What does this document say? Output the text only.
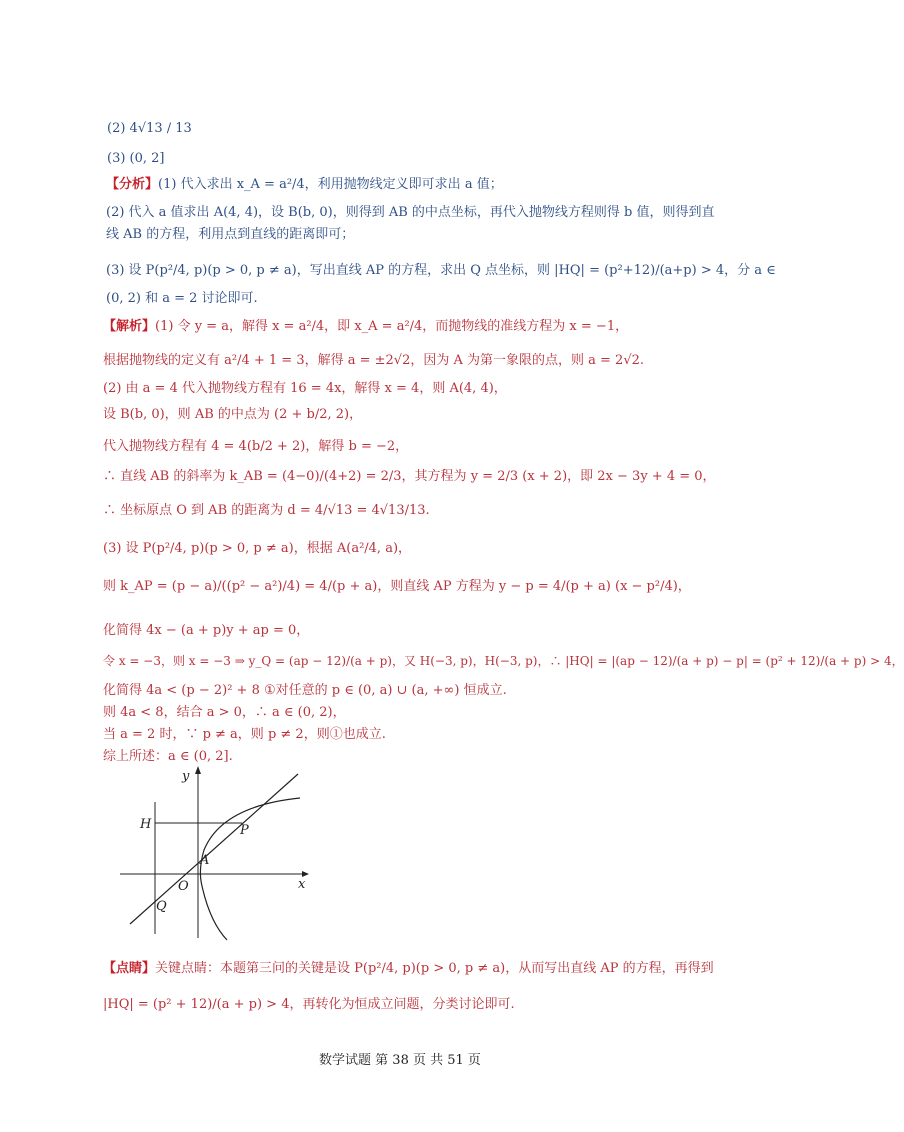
(2) 4√13 / 13
(3) (0, 2]
【分析】(1) 代入求出 x_A = a²/4，利用抛物线定义即可求出 a 值；
(2) 代入 a 值求出 A(4, 4)，设 B(b, 0)，则得到 AB 的中点坐标，再代入抛物线方程则得 b 值，则得到直
线 AB 的方程，利用点到直线的距离即可；
(3) 设 P(p²/4, p)(p > 0, p ≠ a)，写出直线 AP 的方程，求出 Q 点坐标，则 |HQ| = (p²+12)/(a+p) > 4，分 a ∈
(0, 2) 和 a = 2 讨论即可.
【解析】(1) 令 y = a，解得 x = a²/4，即 x_A = a²/4，而抛物线的准线方程为 x = −1，
根据抛物线的定义有 a²/4 + 1 = 3，解得 a = ±2√2，因为 A 为第一象限的点，则 a = 2√2.
(2) 由 a = 4 代入抛物线方程有 16 = 4x，解得 x = 4，则 A(4, 4)，
设 B(b, 0)，则 AB 的中点为 (2 + b/2, 2)，
代入抛物线方程有 4 = 4(b/2 + 2)，解得 b = −2，
∴ 直线 AB 的斜率为 k_AB = (4−0)/(4+2) = 2/3，其方程为 y = 2/3 (x + 2)，即 2x − 3y + 4 = 0，
∴ 坐标原点 O 到 AB 的距离为 d = 4/√13 = 4√13/13.
(3) 设 P(p²/4, p)(p > 0, p ≠ a)，根据 A(a²/4, a)，
则 k_AP = (p − a)/((p² − a²)/4) = 4/(p + a)，则直线 AP 方程为 y − p = 4/(p + a) (x − p²/4)，
化简得 4x − (a + p)y + ap = 0，
令 x = −3，则 x = −3 ⇒ y_Q = (ap − 12)/(a + p)，又 H(−3, p)，H(−3, p)，∴ |HQ| = |(ap − 12)/(a + p) − p| = (p² + 12)/(a + p) > 4，
化简得 4a < (p − 2)² + 8 ①对任意的 p ∈ (0, a) ∪ (a, +∞) 恒成立.
则 4a < 8，结合 a > 0，∴ a ∈ (0, 2)，
当 a = 2 时，∵ p ≠ a，则 p ≠ 2，则①也成立.
综上所述：a ∈ (0, 2].
y
x
H	P
A
O
Q
【点睛】关键点睛：本题第三问的关键是设 P(p²/4, p)(p > 0, p ≠ a)，从而写出直线 AP 的方程，再得到
|HQ| = (p² + 12)/(a + p) > 4，再转化为恒成立问题，分类讨论即可.
数学试题 第 38 页 共 51 页
